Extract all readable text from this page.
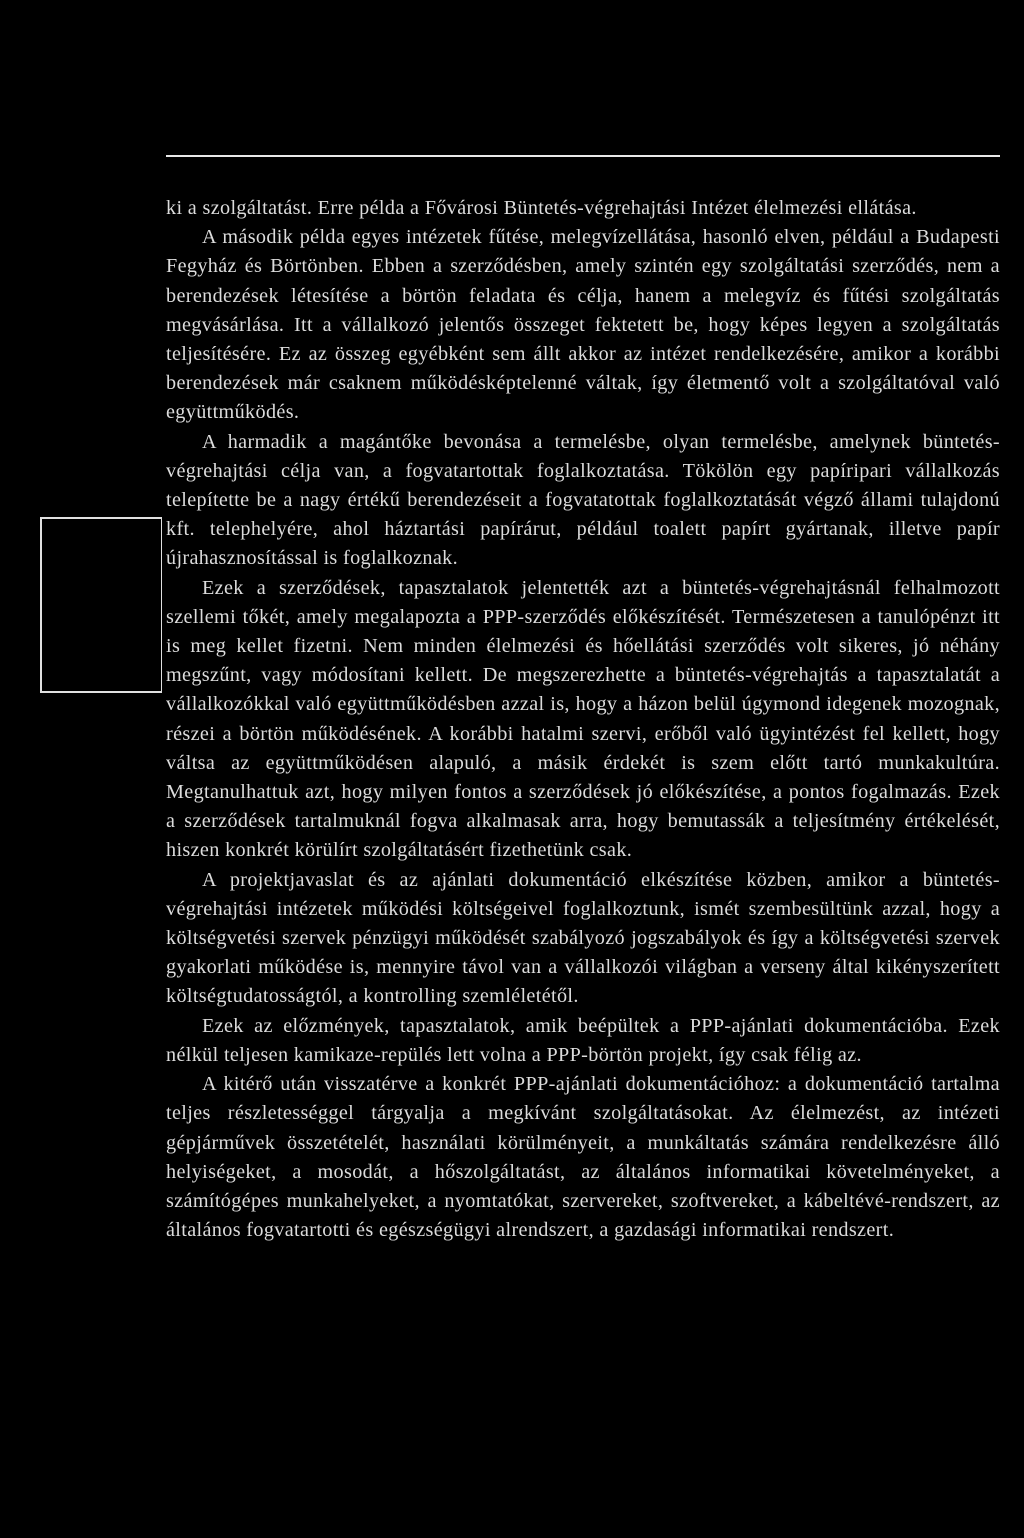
ki a szolgáltatást. Erre példa a Fővárosi Büntetés-végrehajtási Intézet élelmezési ellátása.

A második példa egyes intézetek fűtése, melegvízellátása, hasonló elven, például a Budapesti Fegyház és Börtönben. Ebben a szerződésben, amely szintén egy szolgáltatási szerződés, nem a berendezések létesítése a börtön feladata és célja, hanem a melegvíz és fűtési szolgáltatás megvásárlása. Itt a vállalkozó jelentős összeget fektetett be, hogy képes legyen a szolgáltatás teljesítésére. Ez az összeg egyébként sem állt akkor az intézet rendelkezésére, amikor a korábbi berendezések már csaknem működésképtelenné váltak, így életmentő volt a szolgáltatóval való együttműködés.

A harmadik a magántőke bevonása a termelésbe, olyan termelésbe, amelynek büntetés-végrehajtási célja van, a fogvatartottak foglalkoztatása. Tökölön egy papíripari vállalkozás telepítette be a nagy értékű berendezéseit a fogvatatottak foglalkoztatását végző állami tulajdonú kft. telephelyére, ahol háztartási papírárut, például toalett papírt gyártanak, illetve papír újrahasznosítással is foglalkoznak.

Ezek a szerződések, tapasztalatok jelentették azt a büntetés-végrehajtásnál felhalmozott szellemi tőkét, amely megalapozta a PPP-szerződés előkészítését. Természetesen a tanulópénzt itt is meg kellet fizetni. Nem minden élelmezési és hőellátási szerződés volt sikeres, jó néhány megszűnt, vagy módosítani kellett. De megszerezhette a büntetés-végrehajtás a tapasztalatát a vállalkozókkal való együttműködésben azzal is, hogy a házon belül úgymond idegenek mozognak, részei a börtön működésének. A korábbi hatalmi szervi, erőből való ügyintézést fel kellett, hogy váltsa az együttműködésen alapuló, a másik érdekét is szem előtt tartó munkakultúra. Megtanulhattuk azt, hogy milyen fontos a szerződések jó előkészítése, a pontos fogalmazás. Ezek a szerződések tartalmuknál fogva alkalmasak arra, hogy bemutassák a teljesítmény értékelését, hiszen konkrét körülírt szolgáltatásért fizethetünk csak.

A projektjavaslat és az ajánlati dokumentáció elkészítése közben, amikor a büntetés-végrehajtási intézetek működési költségeivel foglalkoztunk, ismét szembesültünk azzal, hogy a költségvetési szervek pénzügyi működését szabályozó jogszabályok és így a költségvetési szervek gyakorlati működése is, mennyire távol van a vállalkozói világban a verseny által kikényszerített költségtudatosságtól, a kontrolling szemléletétől.

Ezek az előzmények, tapasztalatok, amik beépültek a PPP-ajánlati dokumentációba. Ezek nélkül teljesen kamikaze-repülés lett volna a PPP-börtön projekt, így csak félig az.

A kitérő után visszatérve a konkrét PPP-ajánlati dokumentációhoz: a dokumentáció tartalma teljes részletességgel tárgyalja a megkívánt szolgáltatásokat. Az élelmezést, az intézeti gépjárművek összetételét, használati körülményeit, a munkáltatás számára rendelkezésre álló helyiségeket, a mosodát, a hőszolgáltatást, az általános informatikai követelményeket, a számítógépes munkahelyeket, a nyomtatókat, szervereket, szoftvereket, a kábeltévé-rendszert, az általános fogvatartotti és egészségügyi alrendszert, a gazdasági informatikai rendszert.
